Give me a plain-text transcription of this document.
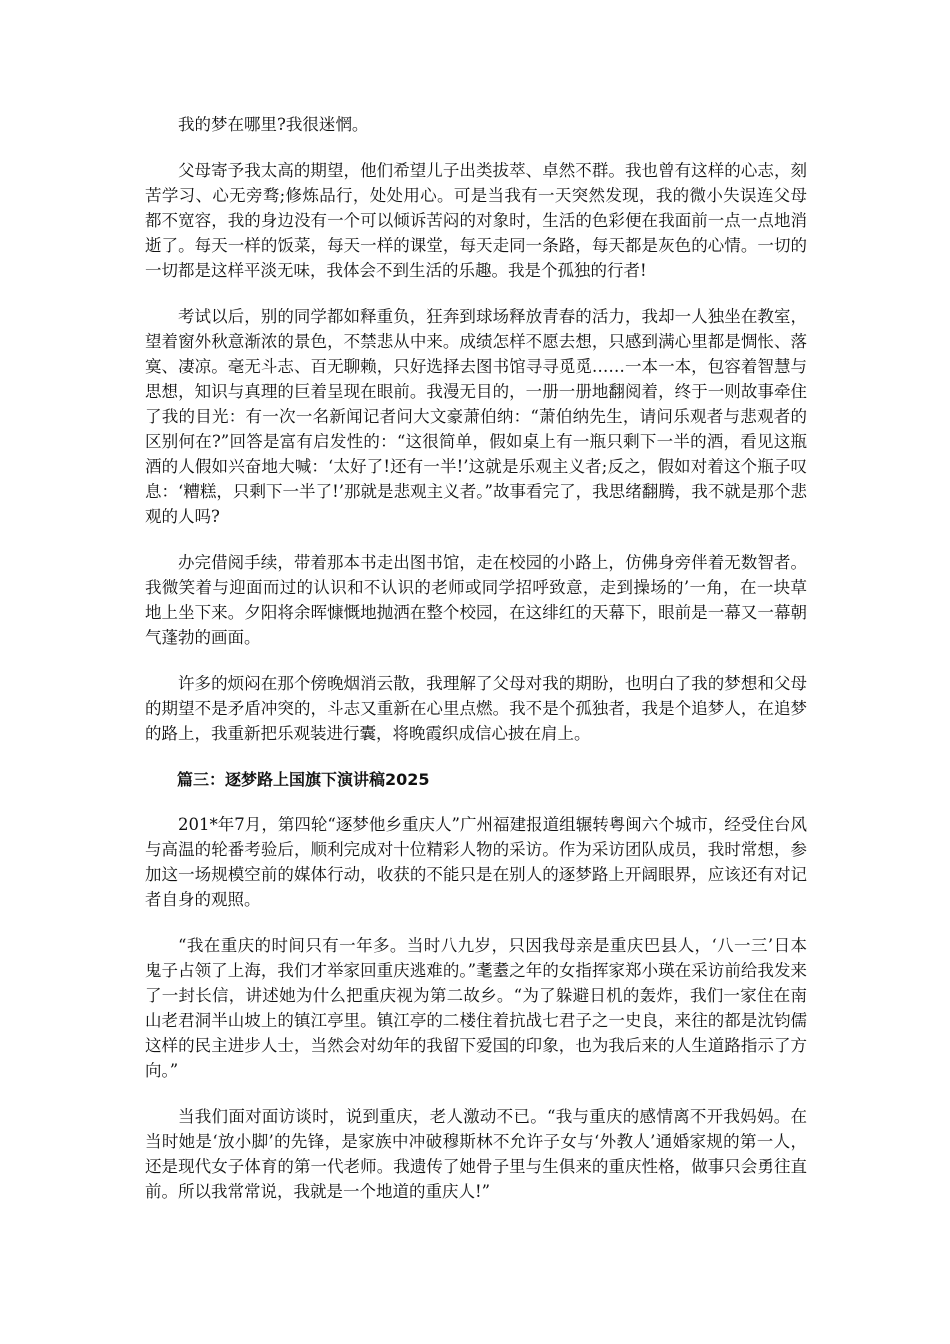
我的梦在哪里?我很迷惘。

父母寄予我太高的期望，他们希望儿子出类拔萃、卓然不群。我也曾有这样的心志，刻苦学习、心无旁骛;修炼品行，处处用心。可是当我有一天突然发现，我的微小失误连父母都不宽容，我的身边没有一个可以倾诉苦闷的对象时，生活的色彩便在我面前一点一点地消逝了。每天一样的饭菜，每天一样的课堂，每天走同一条路，每天都是灰色的心情。一切的一切都是这样平淡无味，我体会不到生活的乐趣。我是个孤独的行者!

考试以后，别的同学都如释重负，狂奔到球场释放青春的活力，我却一人独坐在教室，望着窗外秋意渐浓的景色，不禁悲从中来。成绩怎样不愿去想，只感到满心里都是惆怅、落寞、凄凉。毫无斗志、百无聊赖，只好选择去图书馆寻寻觅觅……一本一本，包容着智慧与思想，知识与真理的巨着呈现在眼前。我漫无目的，一册一册地翻阅着，终于一则故事牵住了我的目光：有一次一名新闻记者问大文豪萧伯纳：“萧伯纳先生，请问乐观者与悲观者的区别何在?”回答是富有启发性的：“这很简单，假如桌上有一瓶只剩下一半的酒，看见这瓶酒的人假如兴奋地大喊：‘太好了!还有一半!’这就是乐观主义者;反之，假如对着这个瓶子叹息：‘糟糕，只剩下一半了!’那就是悲观主义者。”故事看完了，我思绪翻腾，我不就是那个悲观的人吗?

办完借阅手续，带着那本书走出图书馆，走在校园的小路上，仿佛身旁伴着无数智者。我微笑着与迎面而过的认识和不认识的老师或同学招呼致意，走到操场的’一角，在一块草地上坐下来。夕阳将余晖慷慨地抛洒在整个校园，在这绯红的天幕下，眼前是一幕又一幕朝气蓬勃的画面。

许多的烦闷在那个傍晚烟消云散，我理解了父母对我的期盼，也明白了我的梦想和父母的期望不是矛盾冲突的，斗志又重新在心里点燃。我不是个孤独者，我是个追梦人，在追梦的路上，我重新把乐观装进行囊，将晚霞织成信心披在肩上。

篇三：逐梦路上国旗下演讲稿2025

201*年7月，第四轮“逐梦他乡重庆人”广州福建报道组辗转粤闽六个城市，经受住台风与高温的轮番考验后，顺利完成对十位精彩人物的采访。作为采访团队成员，我时常想，参加这一场规模空前的媒体行动，收获的不能只是在别人的逐梦路上开阔眼界，应该还有对记者自身的观照。

“我在重庆的时间只有一年多。当时八九岁，只因我母亲是重庆巴县人，‘八一三’日本鬼子占领了上海，我们才举家回重庆逃难的。”耄耋之年的女指挥家郑小瑛在采访前给我发来了一封长信，讲述她为什么把重庆视为第二故乡。“为了躲避日机的轰炸，我们一家住在南山老君洞半山坡上的镇江亭里。镇江亭的二楼住着抗战七君子之一史良，来往的都是沈钧儒这样的民主进步人士，当然会对幼年的我留下爱国的印象，也为我后来的人生道路指示了方向。”

当我们面对面访谈时，说到重庆，老人激动不已。“我与重庆的感情离不开我妈妈。在当时她是‘放小脚’的先锋，是家族中冲破穆斯林不允许子女与‘外教人’通婚家规的第一人，还是现代女子体育的第一代老师。我遗传了她骨子里与生俱来的重庆性格，做事只会勇往直前。所以我常常说，我就是一个地道的重庆人!”
